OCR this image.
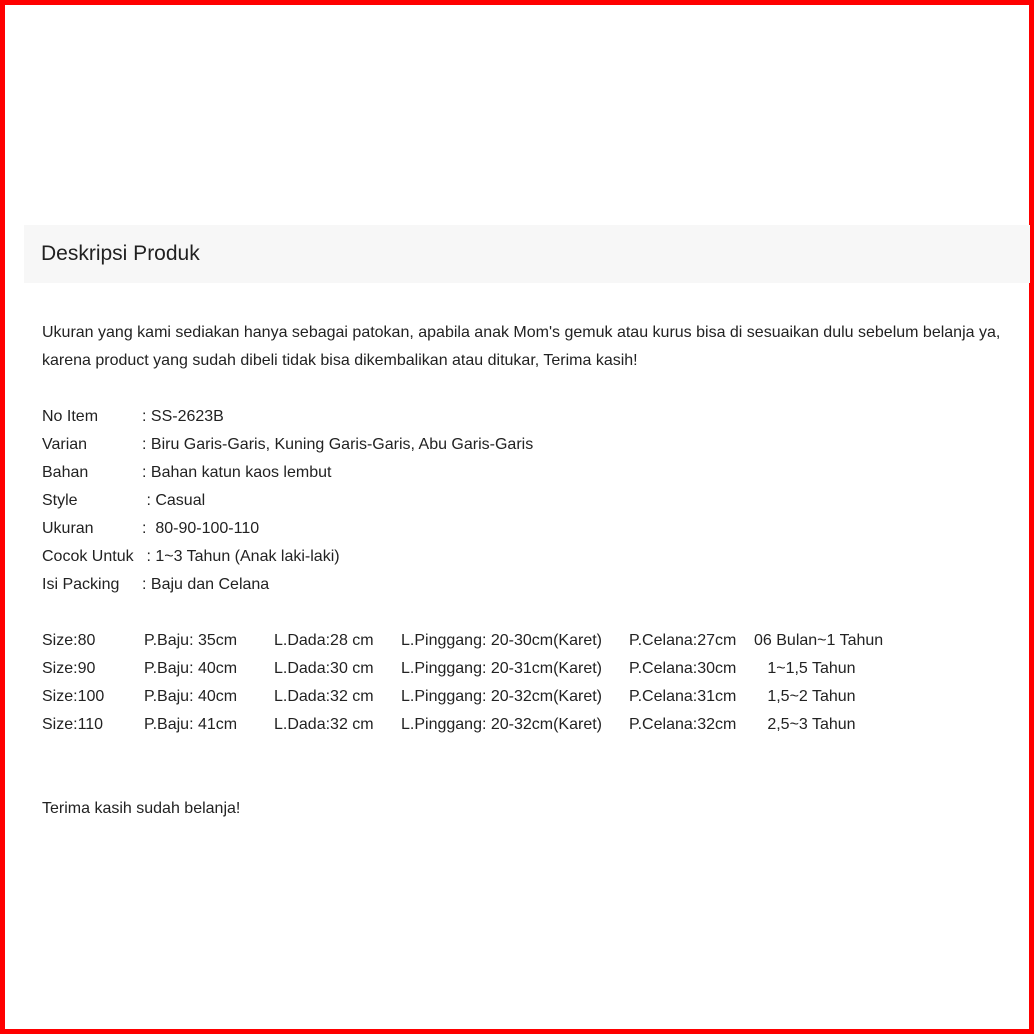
Deskripsi Produk

Ukuran yang kami sediakan hanya sebagai patokan, apabila anak Mom's gemuk atau kurus bisa di sesuaikan dulu sebelum belanja ya,

karena product yang sudah dibeli tidak bisa dikembalikan atau ditukar, Terima kasih!

No Item	: SS-2623B
Varian	: Biru Garis-Garis, Kuning Garis-Garis, Abu Garis-Garis
Bahan	: Bahan katun kaos lembut
Style	: Casual
Ukuran	:  80-90-100-110
Cocok Untuk : 1~3 Tahun (Anak laki-laki)
Isi Packing	: Baju dan Celana
Size:80	P.Baju: 35cm L.Dada:28 cm L.Pinggang: 20-30cm(Karet) P.Celana:27cm 06 Bulan~1 Tahun
Size:90	P.Baju: 40cm L.Dada:30 cm L.Pinggang: 20-31cm(Karet) P.Celana:30cm 1~1,5 Tahun
Size:100 P.Baju: 40cm L.Dada:32 cm L.Pinggang: 20-32cm(Karet) P.Celana:31cm 1,5~2 Tahun
Size:110	P.Baju: 41cm L.Dada:32 cm L.Pinggang: 20-32cm(Karet) P.Celana:32cm 2,5~3 Tahun
Terima kasih sudah belanja!
